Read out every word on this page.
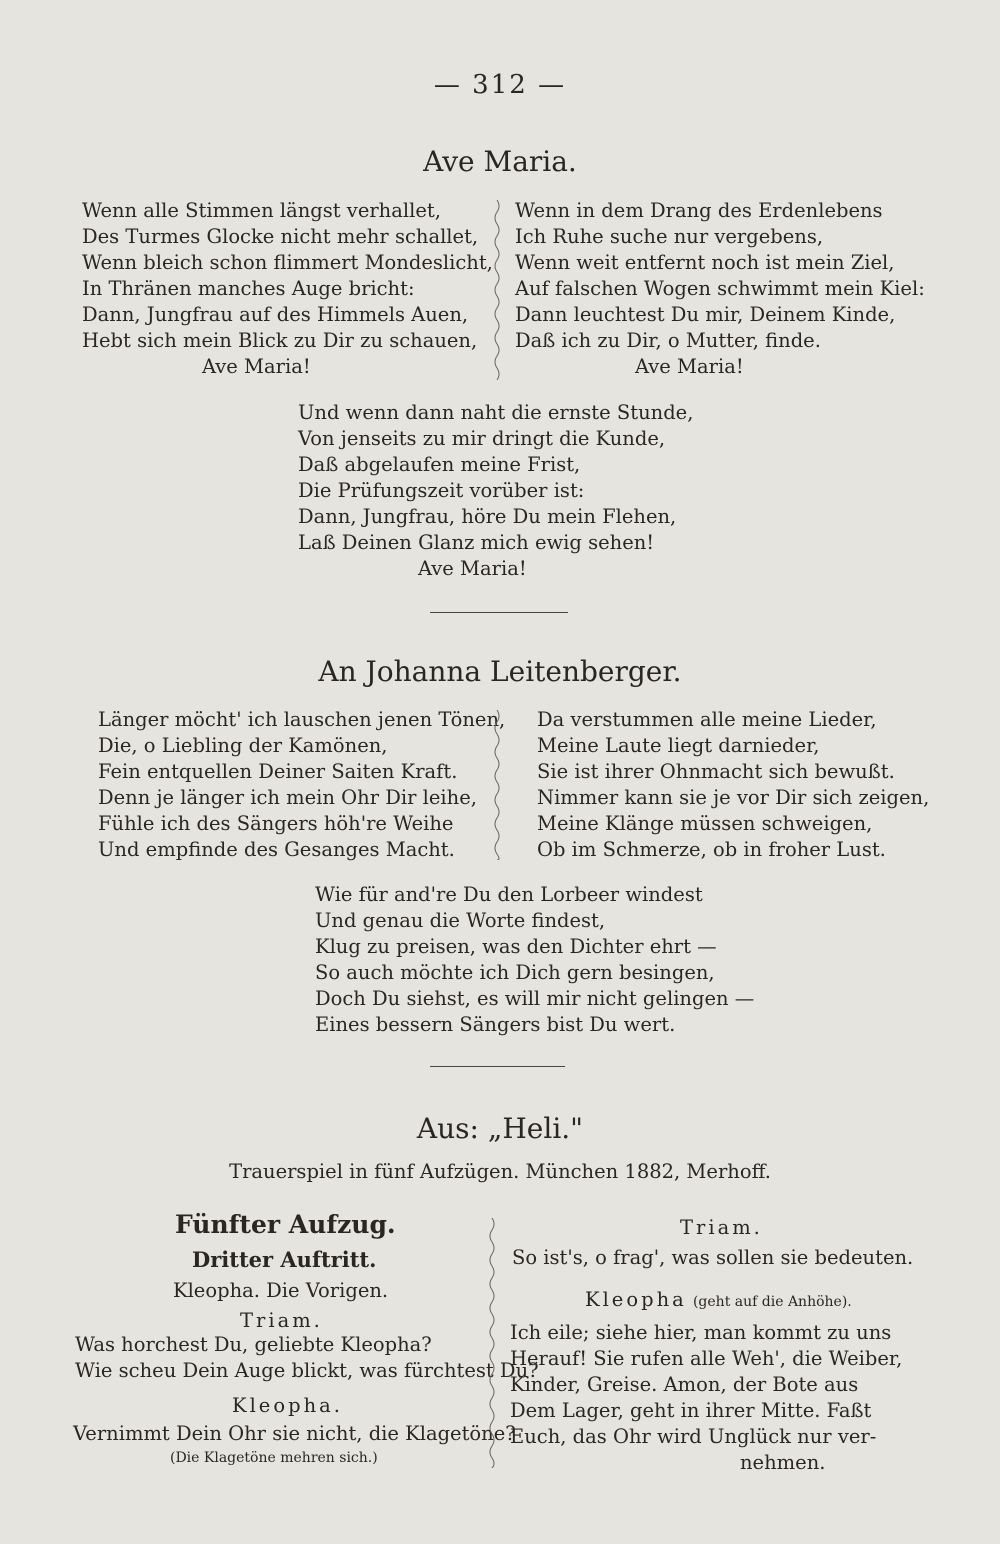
— 312 —
Ave Maria.
Wenn alle Stimmen längst verhallet,
Des Turmes Glocke nicht mehr schallet,
Wenn bleich schon flimmert Mondeslicht,
In Thränen manches Auge bricht:
Dann, Jungfrau auf des Himmels Auen,
Hebt sich mein Blick zu Dir zu schauen,
Ave Maria!
Wenn in dem Drang des Erdenlebens
Ich Ruhe suche nur vergebens,
Wenn weit entfernt noch ist mein Ziel,
Auf falschen Wogen schwimmt mein Kiel:
Dann leuchtest Du mir, Deinem Kinde,
Daß ich zu Dir, o Mutter, finde.
Ave Maria!
Und wenn dann naht die ernste Stunde,
Von jenseits zu mir dringt die Kunde,
Daß abgelaufen meine Frist,
Die Prüfungszeit vorüber ist:
Dann, Jungfrau, höre Du mein Flehen,
Laß Deinen Glanz mich ewig sehen!
Ave Maria!
An Johanna Leitenberger.
Länger möcht' ich lauschen jenen Tönen,
Die, o Liebling der Kamönen,
Fein entquellen Deiner Saiten Kraft.
Denn je länger ich mein Ohr Dir leihe,
Fühle ich des Sängers höh're Weihe
Und empfinde des Gesanges Macht.
Da verstummen alle meine Lieder,
Meine Laute liegt darnieder,
Sie ist ihrer Ohnmacht sich bewußt.
Nimmer kann sie je vor Dir sich zeigen,
Meine Klänge müssen schweigen,
Ob im Schmerze, ob in froher Lust.
Wie für and're Du den Lorbeer windest
Und genau die Worte findest,
Klug zu preisen, was den Dichter ehrt —
So auch möchte ich Dich gern besingen,
Doch Du siehst, es will mir nicht gelingen —
Eines bessern Sängers bist Du wert.
Aus: „Heli."
Trauerspiel in fünf Aufzügen. München 1882, Merhoff.
Fünfter Aufzug.
Dritter Auftritt.
Kleopha. Die Vorigen.
Triam.
Was horchest Du, geliebte Kleopha?
Wie scheu Dein Auge blickt, was fürchtest Du?
Kleopha.
Vernimmt Dein Ohr sie nicht, die Klagetöne?
(Die Klagetöne mehren sich.)
Triam.
So ist's, o frag', was sollen sie bedeuten.
Kleopha (geht auf die Anhöhe).
Ich eile; siehe hier, man kommt zu uns
Herauf! Sie rufen alle Weh', die Weiber,
Kinder, Greise. Amon, der Bote aus
Dem Lager, geht in ihrer Mitte. Faßt
Euch, das Ohr wird Unglück nur ver-
nehmen.
